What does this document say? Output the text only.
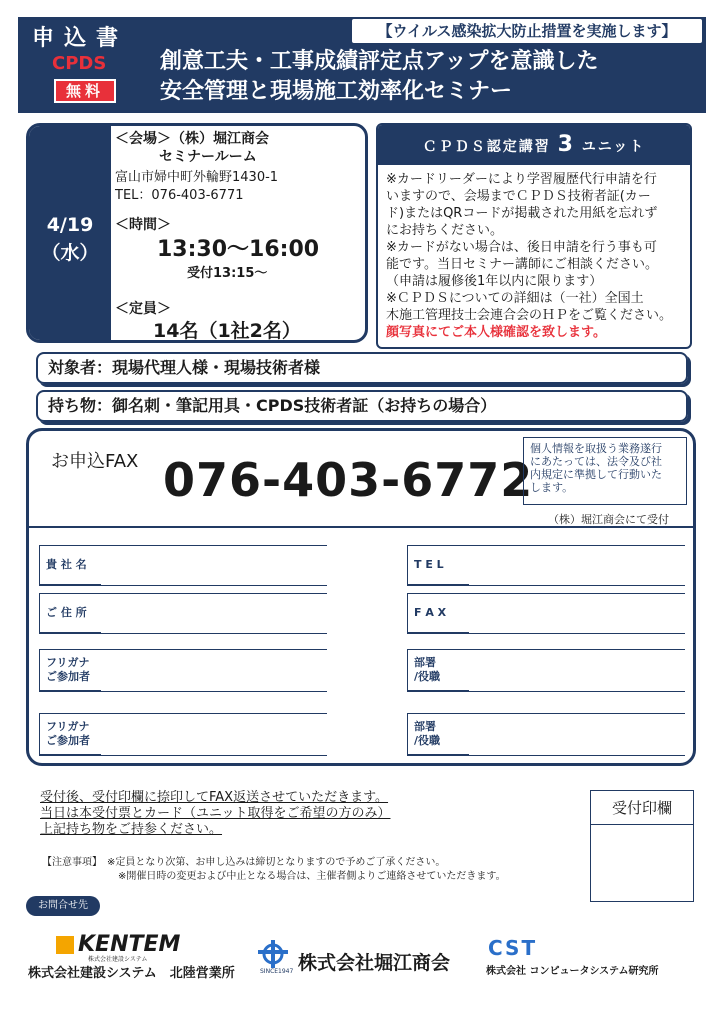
申込書
CPDS
無料
【ウイルス感染拡大防止措置を実施します】
創意工夫・工事成績評定点アップを意識した
安全管理と現場施工効率化セミナー
4/19
（水）
＜会場＞（株）堀江商会
セミナールーム
富山市婦中町外輪野1430-1
TEL：076-403-6771
＜時間＞
13:30～16:00
受付13:15～
＜定員＞
14名（1社2名）
ＣＰＤＳ認定講習 3 ユニット
※カードリーダーにより学習履歴代行申請を行
いますので、会場までＣＰＤＳ技術者証(カー
ド)またはQRコードが掲載された用紙を忘れず
にお持ちください。
※カードがない場合は、後日申請を行う事も可
能です。当日セミナー講師にご相談ください。
（申請は履修後1年以内に限ります）
※ＣＰＤＳについての詳細は（一社）全国土
木施工管理技士会連合会のＨＰをご覧ください。
顔写真にてご本人様確認を致します。
対象者：現場代理人様・現場技術者様
持ち物：御名刺・筆記用具・CPDS技術者証（お持ちの場合）
お申込FAX 076-403-6772
個人情報を取扱う業務遂行
にあたっては、法令及び社
内規定に準拠して行動いた
します。
（株）堀江商会にて受付
貴 社 名	T E L
ご 住 所	F A X
フリガナ
ご参加者
部署
/役職
フリガナ
ご参加者
部署
/役職
受付後、受付印欄に捺印してFAX返送させていただきます。
当日は本受付票とカード（ユニット取得をご希望の方のみ）
上記持ち物をご持参ください。
受付印欄
【注意事項】　 ※定員となり次第、お申し込みは締切となりますので予めご了承ください。
※開催日時の変更および中止となる場合は、主催者側よりご連絡させていただきます。
お問合せ先
KENTEM
株式会社建設システム
株式会社建設システム　北陸営業所	SINCE1947 株式会社堀江商会
CST
株式会社 コンピュータシステム研究所
